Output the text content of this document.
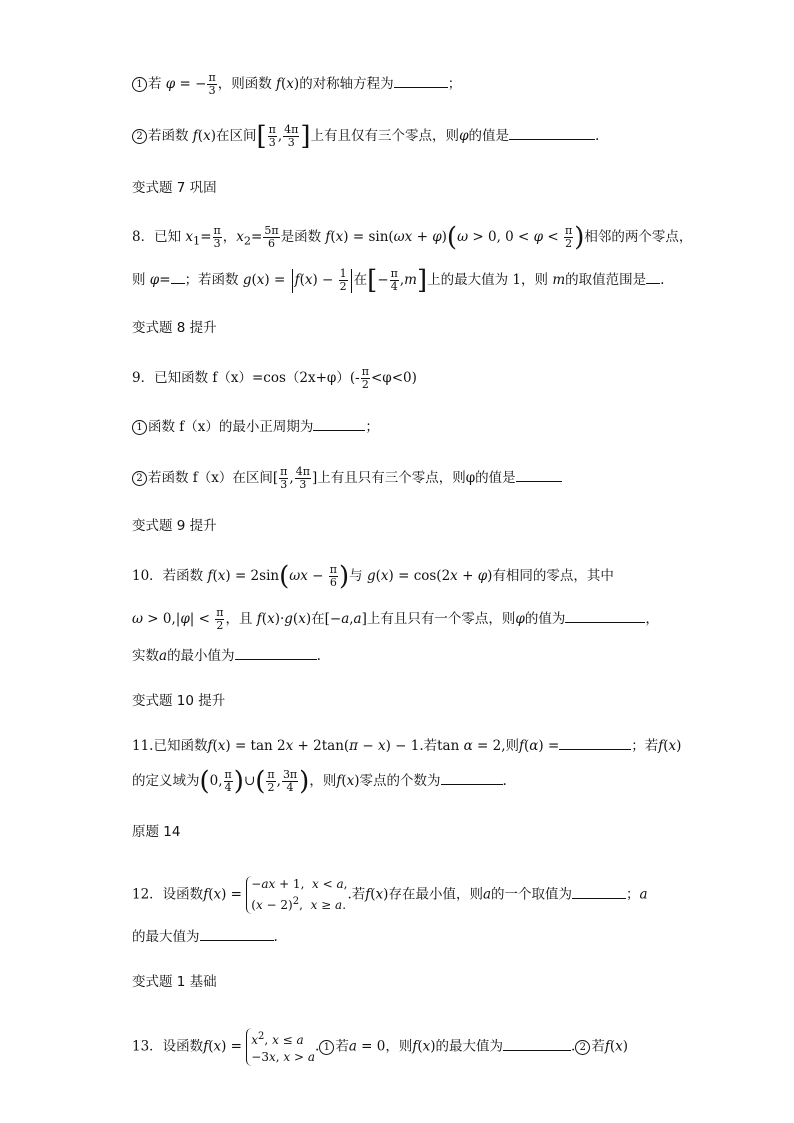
1 若 φ = − $\frac{\pi}{3}$ ，则函数 f(x)的对称轴方程为	；
2 若函数 f(x)在区间[ $\frac{\pi}{3}$ , $\frac{4\pi}{3}$ ]上有且仅有三个零点，则φ的值是	.
变式题 7 巩固
8．已知 $x_1= \frac{\pi}{3}$ ，$x_2= \frac{5\pi}{6}$ 是函数 f(x) = sin(ωx + φ)(ω > 0, $0 < \varphi < \frac{\pi}{2}$ )相邻的两个零点，
则 φ= ；若函数 $g(x) = f(x) - \frac{1}{2}$ 在[− $\frac{\pi}{4} ,m$]上的最大值为 1，则 m的取值范围是 .
变式题 8 提升
9．已知函数 $f(x)=\cos(2x+\varphi)(- \frac{\pi}{2} <\varphi<0)$
1 函数 f（x）的最小正周期为	；
2 若函数 f（x）在区间[ $\frac{\pi}{3}$ , $\frac{4\pi}{3}$ ]上有且只有三个零点，则φ的值是
变式题 9 提升
10．若函数 $f(x) = 2\sin(\omega x - \frac{\pi}{6}$ )与 g(x) = cos(2x + φ)有相同的零点，其中
$\omega > 0,|\varphi| < \frac{\pi}{2}$ ，且 f(x)·g(x)在[−a,a]上有且只有一个零点，则φ的值为	，
实数a的最小值为	.
变式题 10 提升
11.已知函数f(x) = tan 2x + 2tan(π − x) − 1.若tan α = 2,则f(α) =	；若f(x)
的定义域为(0, $\frac{\pi}{4}$ )∪( $\frac{\pi}{2}$ , $\frac{3\pi}{4}$ )，则f(x)零点的个数为	.
原题 14
12．设函数f(x) =
−ax + 1,  x < a,
$(x - 2)^2$,  x ≥ a.
.若f(x)存在最小值，则a的一个取值为	；a
的最大值为	.
变式题 1 基础
13．设函数$f(x) = x^2$, x ≤ a
−3x, x > a
. 1 若a = 0，则f(x)的最大值为	. 2 若f(x)
